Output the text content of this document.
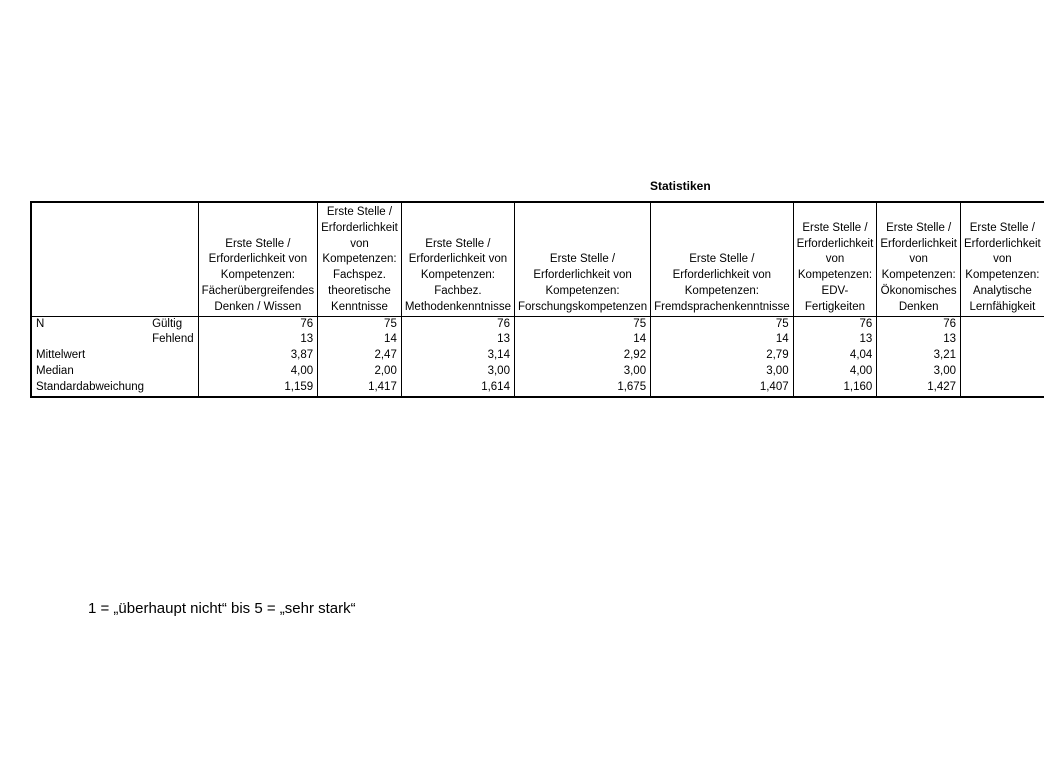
Statistiken
		Erste Stelle / Erforderlichkeit von Kompetenzen: Fächerübergreifendes Denken / Wissen	Erste Stelle / Erforderlichkeit von Kompetenzen: Fachspez. theoretische Kenntnisse	Erste Stelle / Erforderlichkeit von Kompetenzen: Fachbez. Methodenkenntnisse	Erste Stelle / Erforderlichkeit von Kompetenzen: Forschungskompetenzen	Erste Stelle / Erforderlichkeit von Kompetenzen: Fremdsprachenkenntnisse	Erste Stelle / Erforderlichkeit von Kompetenzen: EDV-Fertigkeiten	Erste Stelle / Erforderlichkeit von Kompetenzen: Ökonomisches Denken	Erste Stelle / Erforderlichkeit von Kompetenzen: Analytische Lernfähigkeit
N	Gültig	76	75	76	75	75	76	76	
	Fehlend	13	14	13	14	14	13	13	
Mittelwert		3,87	2,47	3,14	2,92	2,79	4,04	3,21	
Median		4,00	2,00	3,00	3,00	3,00	4,00	3,00	
Standardabweichung		1,159	1,417	1,614	1,675	1,407	1,160	1,427	
1 = „überhaupt nicht“ bis 5 = „sehr stark“
